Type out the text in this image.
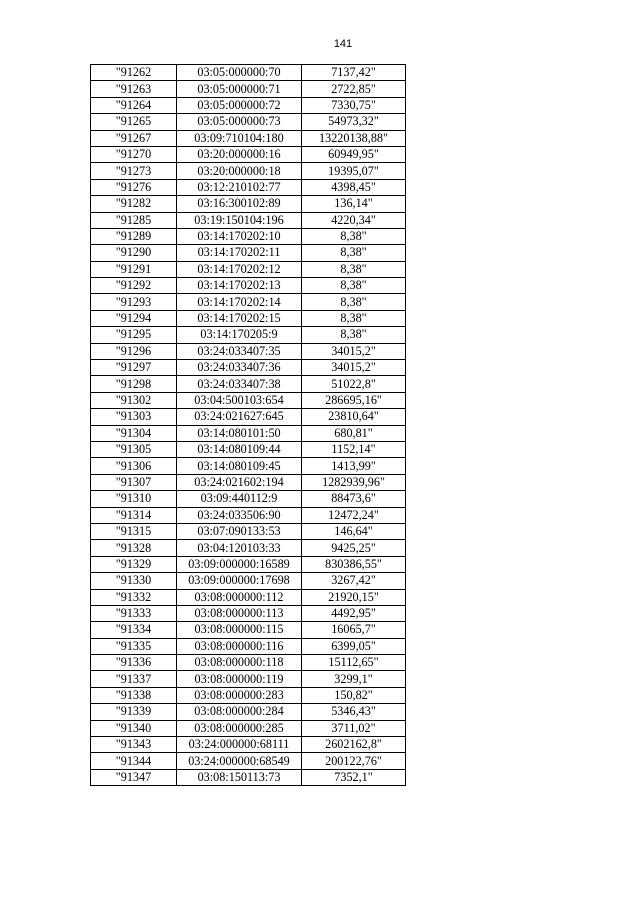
141
"91262	03:05:000000:70	7137,42"
"91263	03:05:000000:71	2722,85"
"91264	03:05:000000:72	7330,75"
"91265	03:05:000000:73	54973,32"
"91267	03:09:710104:180	13220138,88"
"91270	03:20:000000:16	60949,95"
"91273	03:20:000000:18	19395,07"
"91276	03:12:210102:77	4398,45"
"91282	03:16:300102:89	136,14"
"91285	03:19:150104:196	4220,34"
"91289	03:14:170202:10	8,38"
"91290	03:14:170202:11	8,38"
"91291	03:14:170202:12	8,38"
"91292	03:14:170202:13	8,38"
"91293	03:14:170202:14	8,38"
"91294	03:14:170202:15	8,38"
"91295	03:14:170205:9	8,38"
"91296	03:24:033407:35	34015,2"
"91297	03:24:033407:36	34015,2"
"91298	03:24:033407:38	51022,8"
"91302	03:04:500103:654	286695,16"
"91303	03:24:021627:645	23810,64"
"91304	03:14:080101:50	680,81"
"91305	03:14:080109:44	1152,14"
"91306	03:14:080109:45	1413,99"
"91307	03:24:021602:194	1282939,96"
"91310	03:09:440112:9	88473,6"
"91314	03:24:033506:90	12472,24"
"91315	03:07:090133:53	146,64"
"91328	03:04:120103:33	9425,25"
"91329	03:09:000000:16589	830386,55"
"91330	03:09:000000:17698	3267,42"
"91332	03:08:000000:112	21920,15"
"91333	03:08:000000:113	4492,95"
"91334	03:08:000000:115	16065,7"
"91335	03:08:000000:116	6399,05"
"91336	03:08:000000:118	15112,65"
"91337	03:08:000000:119	3299,1"
"91338	03:08:000000:283	150,82"
"91339	03:08:000000:284	5346,43"
"91340	03:08:000000:285	3711,02"
"91343	03:24:000000:68111	2602162,8"
"91344	03:24:000000:68549	200122,76"
"91347	03:08:150113:73	7352,1"
